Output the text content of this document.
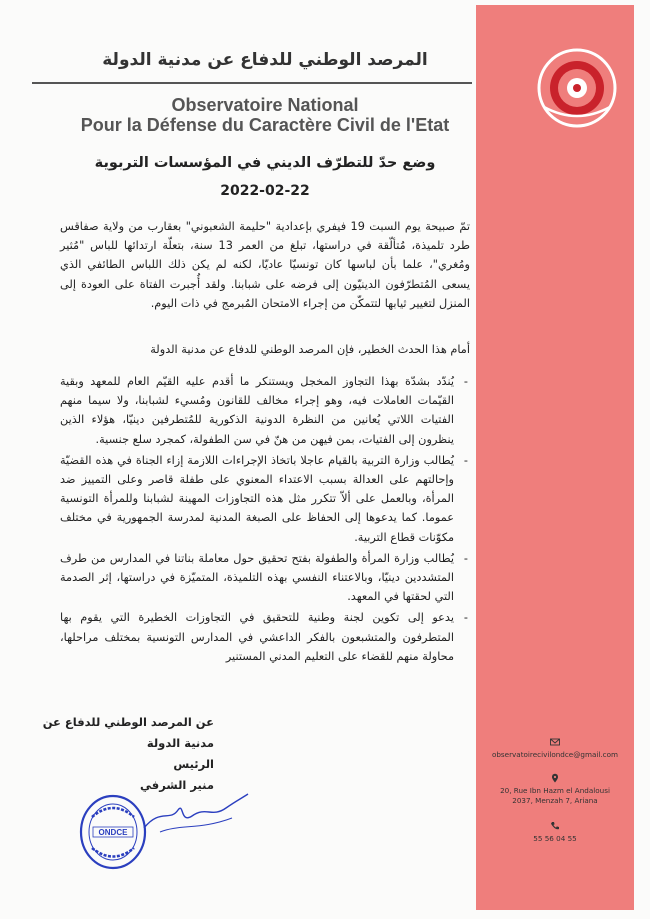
observatoirecivilondce@gmail.com
20, Rue Ibn Hazm el Andalousi
2037, Menzah 7, Ariana
55 56 04 55
المرصد الوطني للدفاع عن مدنية الدولة
Observatoire National
Pour la Défense du Caractère Civil de l'Etat
وضع حدّ للتطرّف الديني في المؤسسات التربوية
2022-02-22

تمّ صبيحة يوم السبت 19 فيفري بإعدادية "حليمة الشعبوني" بعقارب من ولاية صفاقس طرد تلميذة، مُتألّقة في دراستها، تبلغ من العمر 13 سنة، بتعلّة ارتدائها للباس "مُثير ومُغري"، علما بأن لباسها كان تونسيّا عاديّا، لكنه لم يكن ذلك اللباس الطائفي الذي يسعى المُتطرّفون الدينيّون إلى فرضه على شبابنا. ولقد أُجبرت الفتاة على العودة إلى المنزل لتغيير ثيابها لتتمكّن من إجراء الامتحان المُبرمج في ذات اليوم.

أمام هذا الحدث الخطير، فإن المرصد الوطني للدفاع عن مدنية الدولة

- يُندّد بشدّة بهذا التجاوز المخجل ويستنكر ما أقدم عليه القيّم العام للمعهد وبقية القيّمات العاملات فيه، وهو إجراء مخالف للقانون ومُسيء لشبابنا، ولا سيما منهم الفتيات اللاتي يُعانين من النظرة الدونية الذكورية للمُتطرفين دينيّا، هؤلاء الذين ينظرون إلى الفتيات، بمن فيهن من هنّ في سن الطفولة، كمجرد سلع جنسية.
- يُطالب وزارة التربية بالقيام عاجلا باتخاذ الإجراءات اللازمة إزاء الجناة في هذه القضيّة وإحالتهم على العدالة بسبب الاعتداء المعنوي على طفلة قاصر وعلى التمييز ضد المرأة، وبالعمل على ألاّ تتكرر مثل هذه التجاوزات المهينة لشبابنا وللمرأة التونسية عموما. كما يدعوها إلى الحفاظ على الصبغة المدنية لمدرسة الجمهورية في مختلف مكوّنات قطاع التربية.
- يُطالب وزارة المرأة والطفولة بفتح تحقيق حول معاملة بناتنا في المدارس من طرف المتشددين دينيّا، وبالاعتناء النفسي بهذه التلميذة، المتميّزة في دراستها، إثر الصدمة التي لحقتها في المعهد.
- يدعو إلى تكوين لجنة وطنية للتحقيق في التجاوزات الخطيرة التي يقوم بها المتطرفون والمتشبعون بالفكر الداعشي في المدارس التونسية بمختلف مراحلها، محاولة منهم للقضاء على التعليم المدني المستنير
عن المرصد الوطني للدفاع عن مدنية الدولة
الرئيس
منير الشرفي
ONDCE
